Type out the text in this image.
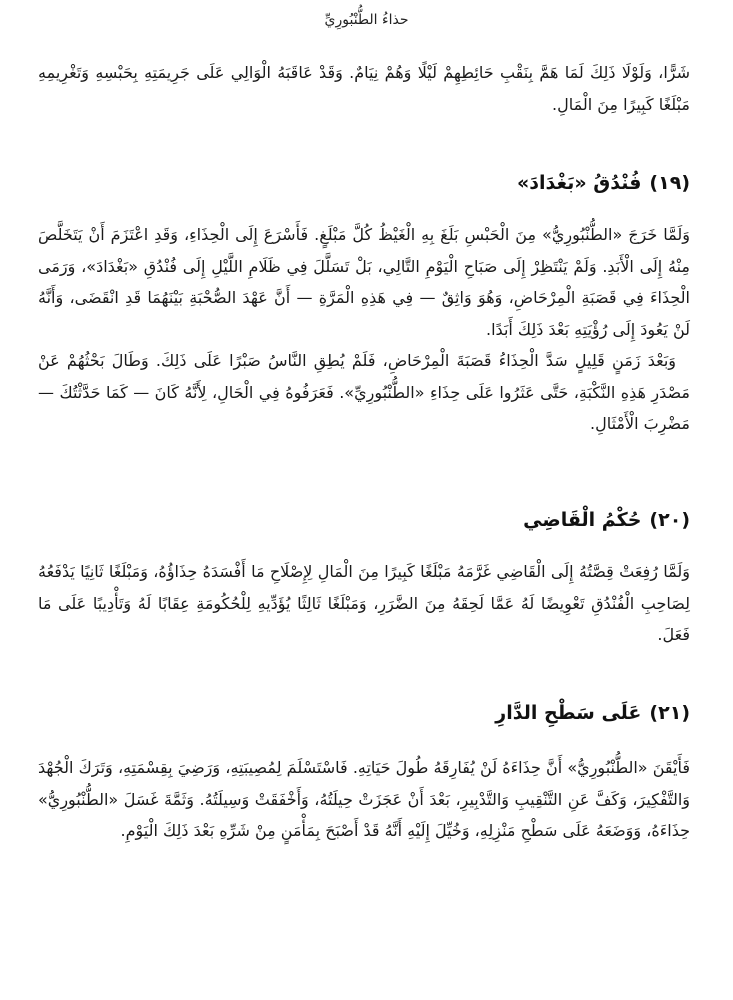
حذاءُ الطُّنْبُورِيِّ

شَرًّا، وَلَوْلَا ذَلِكَ لَمَا هَمَّ بِنَقْبِ حَائِطِهِمْ لَيْلًا وَهُمْ نِيَامٌ. وَقَدْ عَاقَبَهُ الْوَالِي عَلَى جَرِيمَتِهِ بِحَبْسِهِ وَتَغْرِيمِهِ مَبْلَغًا كَبِيرًا مِنَ الْمَالِ.

(١٩)فُنْدُقُ «بَغْدَادَ»

وَلَمَّا خَرَجَ «الطُّنْبُورِيُّ» مِنَ الْحَبْسِ بَلَغَ بِهِ الْغَيْظُ كُلَّ مَبْلَغٍ. فَأَسْرَعَ إِلَى الْحِذَاءِ، وَقَدِ اعْتَزَمَ أَنْ يَتَخَلَّصَ مِنْهُ إِلَى الْأَبَدِ. وَلَمْ يَنْتَظِرْ إِلَى صَبَاحِ الْيَوْمِ التَّالِي، بَلْ تَسَلَّلَ فِي ظَلَامِ اللَّيْلِ إِلَى فُنْدُقِ «بَغْدَادَ»، وَرَمَى الْحِذَاءَ فِي قَصَبَةِ الْمِرْحَاضِ، وَهُوَ وَاثِقٌ — فِي هَذِهِ الْمَرَّةِ — أَنَّ عَهْدَ الصُّحْبَةِ بَيْنَهُمَا قَدِ انْقَضَى، وَأَنَّهُ لَنْ يَعُودَ إِلَى رُؤْيَتِهِ بَعْدَ ذَلِكَ أَبَدًا.

وَبَعْدَ زَمَنٍ قَلِيلٍ سَدَّ الْحِذَاءُ قَصَبَةَ الْمِرْحَاضِ، فَلَمْ يُطِقِ النَّاسُ صَبْرًا عَلَى ذَلِكَ. وَطَالَ بَحْثُهُمْ عَنْ مَصْدَرِ هَذِهِ النَّكْبَةِ، حَتَّى عَثَرُوا عَلَى حِذَاءِ «الطُّنْبُورِيِّ». فَعَرَفُوهُ فِي الْحَالِ، لِأَنَّهُ كَانَ — كَمَا حَدَّثْتُكَ — مَضْرِبَ الْأَمْثَالِ.

(٢٠)حُكْمُ الْقَاضِي

وَلَمَّا رُفِعَتْ قِصَّتُهُ إِلَى الْقَاضِي غَرَّمَهُ مَبْلَغًا كَبِيرًا مِنَ الْمَالِ لِإِصْلَاحِ مَا أَفْسَدَهُ حِذَاؤُهُ، وَمَبْلَغًا ثَانِيًا يَدْفَعُهُ لِصَاحِبِ الْفُنْدُقِ تَعْوِيضًا لَهُ عَمَّا لَحِقَهُ مِنَ الضَّرَرِ، وَمَبْلَغًا ثَالِثًا يُؤَدِّيهِ لِلْحُكُومَةِ عِقَابًا لَهُ وَتَأْدِيبًا عَلَى مَا فَعَلَ.

(٢١)عَلَى سَطْحِ الدَّارِ

فَأَيْقَنَ «الطُّنْبُورِيُّ» أَنَّ حِذَاءَهُ لَنْ يُفَارِقَهُ طُولَ حَيَاتِهِ. فَاسْتَسْلَمَ لِمُصِيبَتِهِ، وَرَضِيَ بِقِسْمَتِهِ، وَتَرَكَ الْجُهْدَ وَالتَّفْكِيرَ، وَكَفَّ عَنِ التَّنْقِيبِ وَالتَّدْبِيرِ، بَعْدَ أَنْ عَجَزَتْ حِيلَتُهُ، وَأَخْفَقَتْ وَسِيلَتُهُ. وَثَمَّةَ غَسَلَ «الطُّنْبُورِيُّ» حِذَاءَهُ، وَوَضَعَهُ عَلَى سَطْحِ مَنْزِلِهِ، وَخُيِّلَ إِلَيْهِ أَنَّهُ قَدْ أَصْبَحَ بِمَأْمَنٍ مِنْ شَرِّهِ بَعْدَ ذَلِكَ الْيَوْمِ.
